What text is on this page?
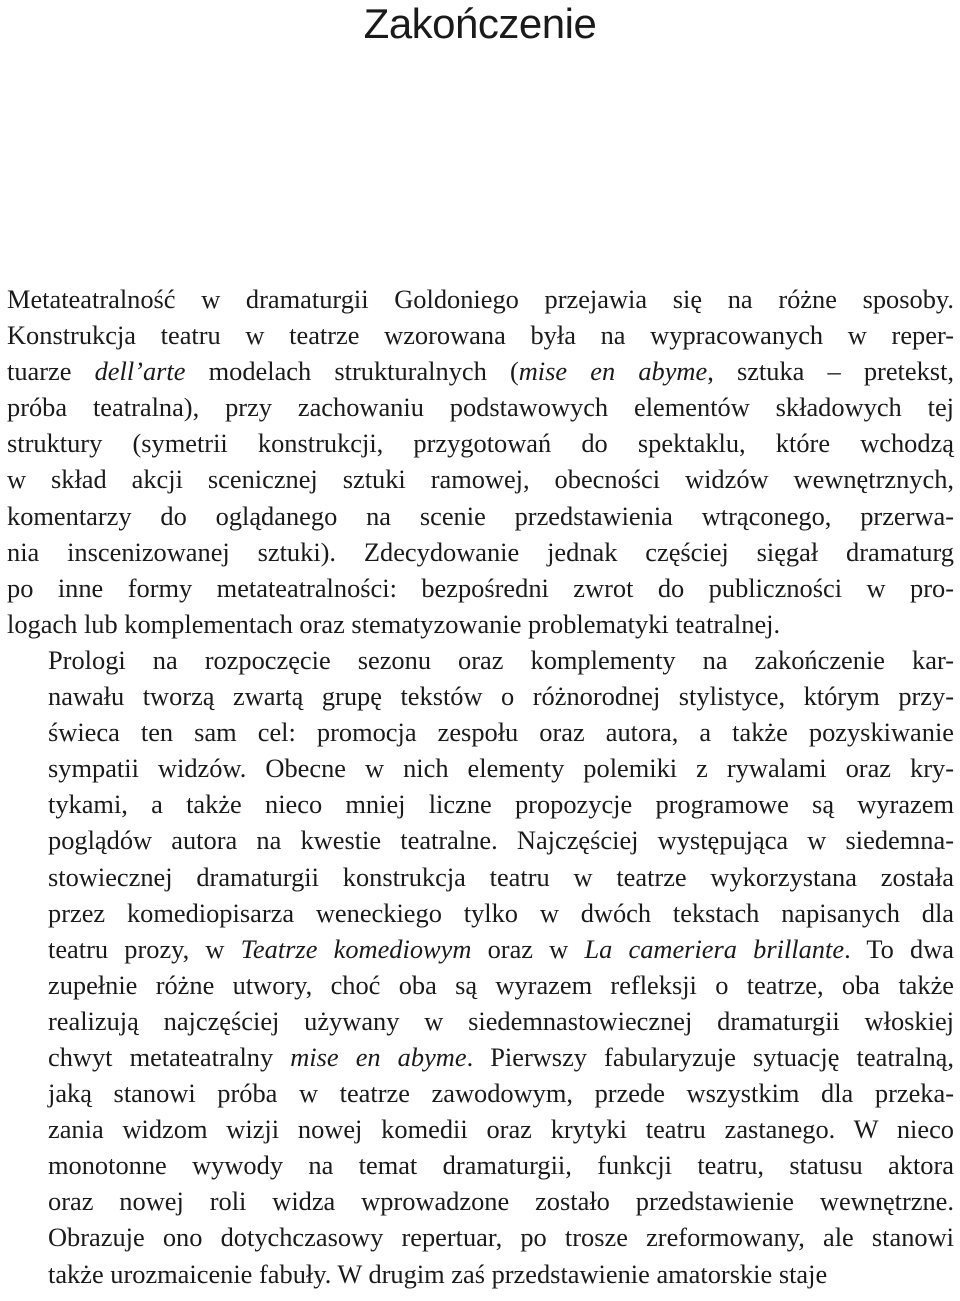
Zakończenie

Metateatralność w dramaturgii Goldoniego przejawia się na różne sposoby.
Konstrukcja teatru w teatrze wzorowana była na wypracowanych w reper-
tuarze dell’arte modelach strukturalnych (mise en abyme, sztuka – pretekst,
próba teatralna), przy zachowaniu podstawowych elementów składowych tej
struktury (symetrii konstrukcji, przygotowań do spektaklu, które wchodzą
w skład akcji scenicznej sztuki ramowej, obecności widzów wewnętrznych,
komentarzy do oglądanego na scenie przedstawienia wtrąconego, przerwa-
nia inscenizowanej sztuki). Zdecydowanie jednak częściej sięgał dramaturg
po inne formy metateatralności: bezpośredni zwrot do publiczności w pro-
logach lub komplementach oraz stematyzowanie problematyki teatralnej.

Prologi na rozpoczęcie sezonu oraz komplementy na zakończenie kar-
nawału tworzą zwartą grupę tekstów o różnorodnej stylistyce, którym przy-
świeca ten sam cel: promocja zespołu oraz autora, a także pozyskiwanie
sympatii widzów. Obecne w nich elementy polemiki z rywalami oraz kry-
tykami, a także nieco mniej liczne propozycje programowe są wyrazem
poglądów autora na kwestie teatralne. Najczęściej występująca w siedemna-
stowiecznej dramaturgii konstrukcja teatru w teatrze wykorzystana została
przez komediopisarza weneckiego tylko w dwóch tekstach napisanych dla
teatru prozy, w Teatrze komediowym oraz w La cameriera brillante. To dwa
zupełnie różne utwory, choć oba są wyrazem refleksji o teatrze, oba także
realizują najczęściej używany w siedemnastowiecznej dramaturgii włoskiej
chwyt metateatralny mise en abyme. Pierwszy fabularyzuje sytuację teatralną,
jaką stanowi próba w teatrze zawodowym, przede wszystkim dla przeka-
zania widzom wizji nowej komedii oraz krytyki teatru zastanego. W nieco
monotonne wywody na temat dramaturgii, funkcji teatru, statusu aktora
oraz nowej roli widza wprowadzone zostało przedstawienie wewnętrzne.
Obrazuje ono dotychczasowy repertuar, po trosze zreformowany, ale stanowi
także urozmaicenie fabuły. W drugim zaś przedstawienie amatorskie staje
